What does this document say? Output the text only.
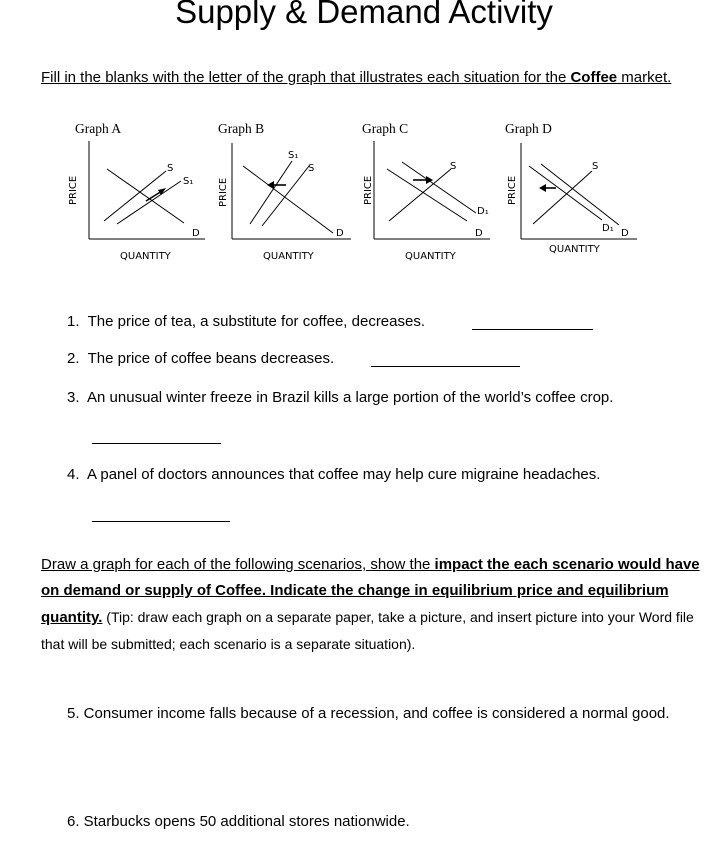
Supply & Demand Activity
Fill in the blanks with the letter of the graph that illustrates each situation for the Coffee market.
Graph A
PRICE
QUANTITY
S
S₁
D
Graph B
PRICE
QUANTITY
S₁
S
D
Graph C
PRICE
QUANTITY
S
D₁
D
Graph D
PRICE
QUANTITY
S
D₁ D
1. The price of tea, a substitute for coffee, decreases.
2. The price of coffee beans decreases.
3. An unusual winter freeze in Brazil kills a large portion of the world’s coffee crop.
4. A panel of doctors announces that coffee may help cure migraine headaches.
Draw a graph for each of the following scenarios, show the impact the each scenario would have on demand or supply of Coffee. Indicate the change in equilibrium price and equilibrium quantity. (Tip: draw each graph on a separate paper, take a picture, and insert picture into your Word file that will be submitted; each scenario is a separate situation).
5. Consumer income falls because of a recession, and coffee is considered a normal good.
6. Starbucks opens 50 additional stores nationwide.
